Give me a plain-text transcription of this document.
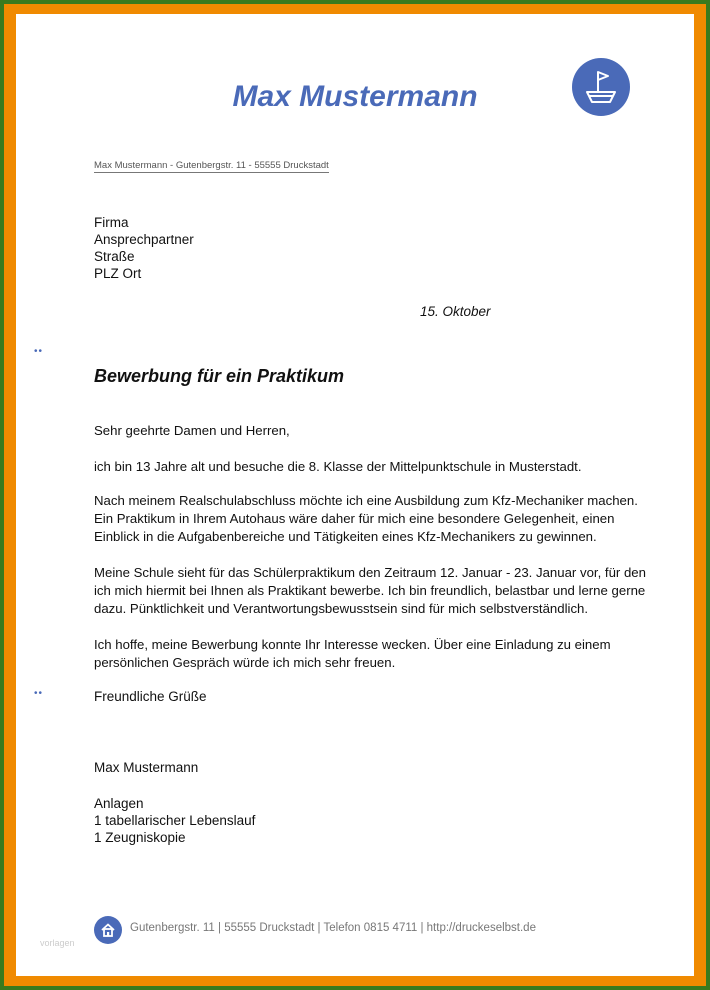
Max Mustermann
Max Mustermann - Gutenbergstr. 11 - 55555 Druckstadt
Firma
Ansprechpartner
Straße
PLZ Ort
15. Oktober
••
Bewerbung für ein Praktikum

Sehr geehrte Damen und Herren,

ich bin 13 Jahre alt und besuche die 8. Klasse der Mittelpunktschule in Musterstadt.

Nach meinem Realschulabschluss möchte ich eine Ausbildung zum Kfz-Mechaniker machen. Ein Praktikum in Ihrem Autohaus wäre daher für mich eine besondere Gelegenheit, einen Einblick in die Aufgabenbereiche und Tätigkeiten eines Kfz-Mechanikers zu gewinnen.

Meine Schule sieht für das Schülerpraktikum den Zeitraum 12. Januar - 23. Januar vor, für den ich mich hiermit bei Ihnen als Praktikant bewerbe. Ich bin freundlich, belastbar und lerne gerne dazu. Pünktlichkeit und Verantwortungsbewusstsein sind für mich selbstverständlich.

Ich hoffe, meine Bewerbung konnte Ihr Interesse wecken. Über eine Einladung zu einem persönlichen Gespräch würde ich mich sehr freuen.

••	Freundliche Grüße
Max Mustermann
Anlagen
1 tabellarischer Lebenslauf
1 Zeugniskopie
Gutenbergstr. 11 | 55555 Druckstadt | Telefon 0815 4711 | http://druckeselbst.de
vorlagen
